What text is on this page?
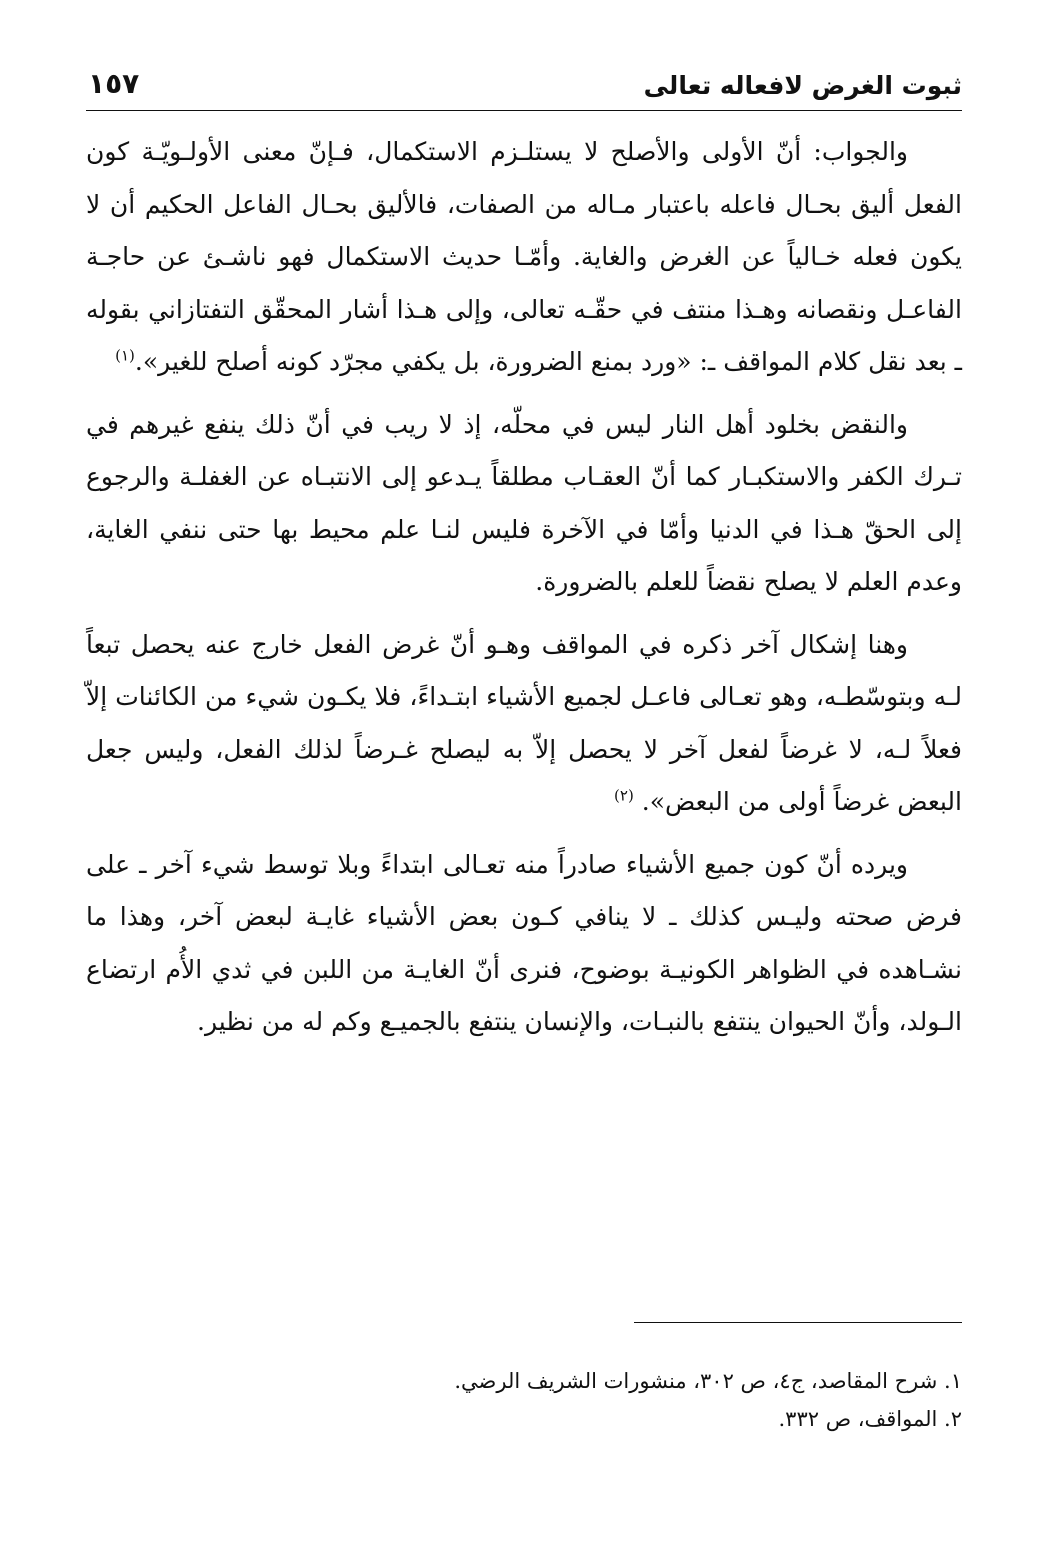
ثبوت الغرض لافعاله تعالى
١٥٧

والجواب: أنّ الأولى والأصلح لا يستلـزم الاستكمال، فـإنّ معنى الأولـويّـة كون الفعل أليق بحـال فاعله باعتبار مـاله من الصفات، فالأليق بحـال الفاعل الحكيم أن لا يكون فعله خـالياً عن الغرض والغاية. وأمّـا حديث الاستكمال فهو ناشـئ عن حاجـة الفاعـل ونقصانه وهـذا منتف في حقّـه تعالى، وإلى هـذا أشار المحقّق التفتازاني بقوله ـ بعد نقل كلام المواقف ـ: «ورد بمنع الضرورة، بل يكفي مجرّد كونه أصلح للغير».$^{(١)}$

والنقض بخلود أهل النار ليس في محلّه، إذ لا ريب في أنّ ذلك ينفع غيرهم في تـرك الكفر والاستكبـار كما أنّ العقـاب مطلقاً يـدعو إلى الانتبـاه عن الغفلـة والرجوع إلى الحقّ هـذا في الدنيا وأمّا في الآخرة فليس لنـا علم محيط بها حتى ننفي الغاية، وعدم العلم لا يصلح نقضاً للعلم بالضرورة.

وهنا إشكال آخر ذكره في المواقف وهـو أنّ غرض الفعل خارج عنه يحصل تبعاً لـه وبتوسّطـه، وهو تعـالى فاعـل لجميع الأشياء ابتـداءً، فلا يكـون شيء من الكائنات إلاّ فعلاً لـه، لا غرضاً لفعل آخر لا يحصل إلاّ به ليصلح غـرضاً لذلك الفعل، وليس جعل البعض غرضاً أولى من البعض». $^{(٢)}$

ويرده أنّ كون جميع الأشياء صادراً منه تعـالى ابتداءً وبلا توسط شيء آخر ـ على فرض صحته وليـس كذلك ـ لا ينافي كـون بعض الأشياء غايـة لبعض آخر، وهذا ما نشـاهده في الظواهر الكونيـة بوضوح، فنرى أنّ الغايـة من اللبن في ثدي الأُم ارتضاع الـولد، وأنّ الحيوان ينتفع بالنبـات، والإنسان ينتفع بالجميـع وكم له من نظير.

١. شرح المقاصد، ج٤، ص ٣٠٢، منشورات الشريف الرضي.
٢. المواقف، ص ٣٣٢.
